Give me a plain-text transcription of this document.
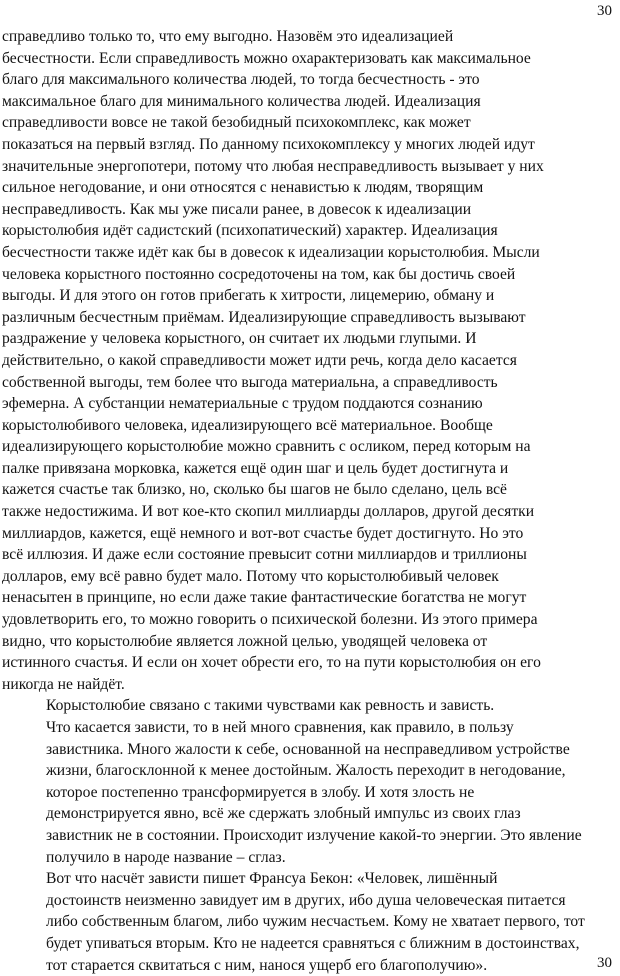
30

справедливо только то, что ему выгодно. Назовём это идеализацией
бесчестности. Если справедливость можно охарактеризовать как максимальное
благо для максимального количества людей, то тогда бесчестность - это
максимальное благо для минимального количества людей. Идеализация
справедливости вовсе не такой безобидный психокомплекс, как может
показаться на первый взгляд. По данному психокомплексу у многих людей идут
значительные энергопотери, потому что любая несправедливость вызывает у них
сильное негодование, и они относятся с ненавистью к людям, творящим
несправедливость. Как мы уже писали ранее, в довесок к идеализации
корыстолюбия идёт садистский (психопатический) характер. Идеализация
бесчестности также идёт как бы в довесок к идеализации корыстолюбия. Мысли
человека корыстного постоянно сосредоточены на том, как бы достичь своей
выгоды. И для этого он готов прибегать к хитрости, лицемерию, обману и
различным бесчестным приёмам. Идеализирующие справедливость вызывают
раздражение у человека корыстного, он считает их людьми глупыми. И
действительно, о какой справедливости может идти речь, когда дело касается
собственной выгоды, тем более что выгода материальна, а справедливость
эфемерна. А субстанции нематериальные с трудом поддаются сознанию
корыстолюбивого человека, идеализирующего всё материальное. Вообще
идеализирующего корыстолюбие можно сравнить с осликом, перед которым на
палке привязана морковка, кажется ещё один шаг и цель будет достигнута и
кажется счастье так близко, но, сколько бы шагов не было сделано, цель всё
также недостижима. И вот кое-кто скопил миллиарды долларов, другой десятки
миллиардов, кажется, ещё немного и вот-вот счастье будет достигнуто. Но это
всё иллюзия. И даже если состояние превысит сотни миллиардов и триллионы
долларов, ему всё равно будет мало. Потому что корыстолюбивый человек
ненасытен в принципе, но если даже такие фантастические богатства не могут
удовлетворить его, то можно говорить о психической болезни. Из этого примера
видно, что корыстолюбие является ложной целью, уводящей человека от
истинного счастья. И если он хочет обрести его, то на пути корыстолюбия он его
никогда не найдёт.

Корыстолюбие связано с такими чувствами как ревность и зависть.

Что касается зависти, то в ней много сравнения, как правило, в пользу
завистника. Много жалости к себе, основанной на несправедливом устройстве
жизни, благосклонной к менее достойным. Жалость переходит в негодование,
которое постепенно трансформируется в злобу. И хотя злость не
демонстрируется явно, всё же сдержать злобный импульс из своих глаз
завистник не в состоянии. Происходит излучение какой-то энергии. Это явление
получило в народе название – сглаз.

Вот что насчёт зависти пишет Франсуа Бекон: «Человек, лишённый
достоинств неизменно завидует им в других, ибо душа человеческая питается
либо собственным благом, либо чужим несчастьем. Кому не хватает первого, тот
будет упиваться вторым. Кто не надеется сравняться с ближним в достоинствах,
тот старается сквитаться с ним, нанося ущерб его благополучию».	30
